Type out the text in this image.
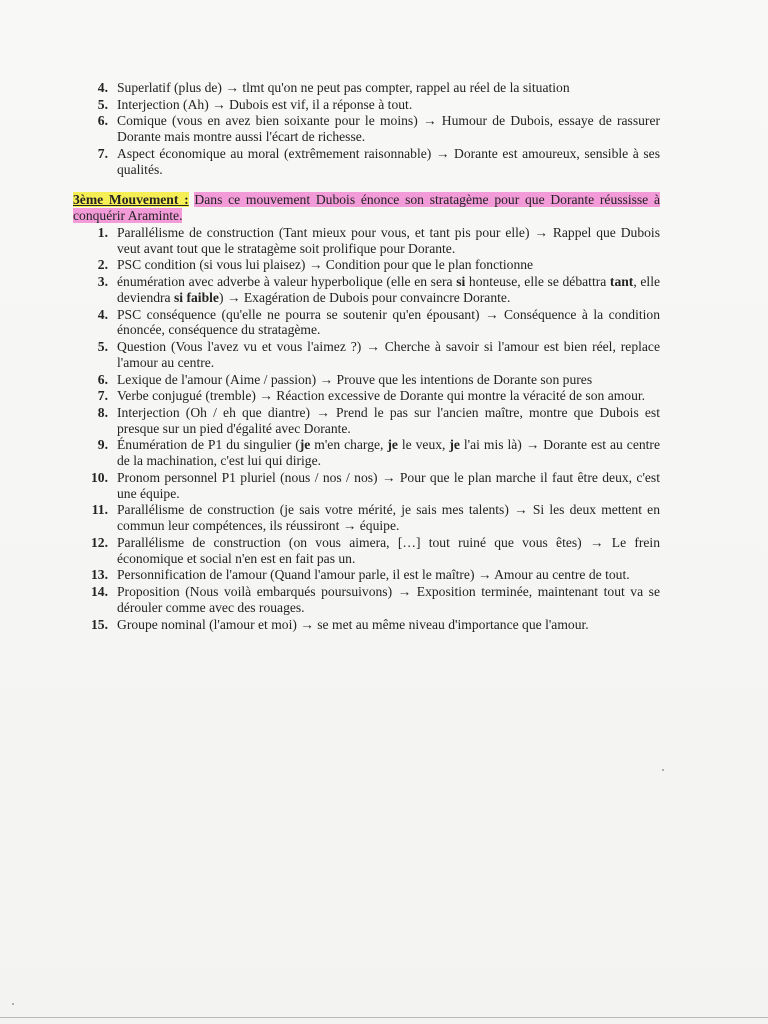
4. Superlatif (plus de) → tlmt qu'on ne peut pas compter, rappel au réel de la situation
5. Interjection (Ah) → Dubois est vif, il a réponse à tout.
6. Comique (vous en avez bien soixante pour le moins) → Humour de Dubois, essaye de rassurer Dorante mais montre aussi l'écart de richesse.
7. Aspect économique au moral (extrêmement raisonnable) → Dorante est amoureux, sensible à ses qualités.

3ème Mouvement : Dans ce mouvement Dubois énonce son stratagème pour que Dorante réussisse à conquérir Araminte.

1. Parallélisme de construction (Tant mieux pour vous, et tant pis pour elle) → Rappel que Dubois veut avant tout que le stratagème soit prolifique pour Dorante.
2. PSC condition (si vous lui plaisez) → Condition pour que le plan fonctionne
3. énumération avec adverbe à valeur hyperbolique (elle en sera si honteuse, elle se débattra tant, elle deviendra si faible) → Exagération de Dubois pour convaincre Dorante.
4. PSC conséquence (qu'elle ne pourra se soutenir qu'en épousant) → Conséquence à la condition énoncée, conséquence du stratagème.
5. Question (Vous l'avez vu et vous l'aimez ?) → Cherche à savoir si l'amour est bien réel, replace l'amour au centre.
6. Lexique de l'amour (Aime / passion) → Prouve que les intentions de Dorante son pures
7. Verbe conjugué (tremble) → Réaction excessive de Dorante qui montre la véracité de son amour.
8. Interjection (Oh / eh que diantre) → Prend le pas sur l'ancien maître, montre que Dubois est presque sur un pied d'égalité avec Dorante.
9. Énumération de P1 du singulier (je m'en charge, je le veux, je l'ai mis là) → Dorante est au centre de la machination, c'est lui qui dirige.
10. Pronom personnel P1 pluriel (nous / nos / nos) → Pour que le plan marche il faut être deux, c'est une équipe.
11. Parallélisme de construction (je sais votre mérité, je sais mes talents) → Si les deux mettent en commun leur compétences, ils réussiront → équipe.
12. Parallélisme de construction (on vous aimera, […] tout ruiné que vous êtes) → Le frein économique et social n'en est en fait pas un.
13. Personnification de l'amour (Quand l'amour parle, il est le maître) → Amour au centre de tout.
14. Proposition (Nous voilà embarqués poursuivons) → Exposition terminée, maintenant tout va se dérouler comme avec des rouages.
15. Groupe nominal (l'amour et moi) → se met au même niveau d'importance que l'amour.
